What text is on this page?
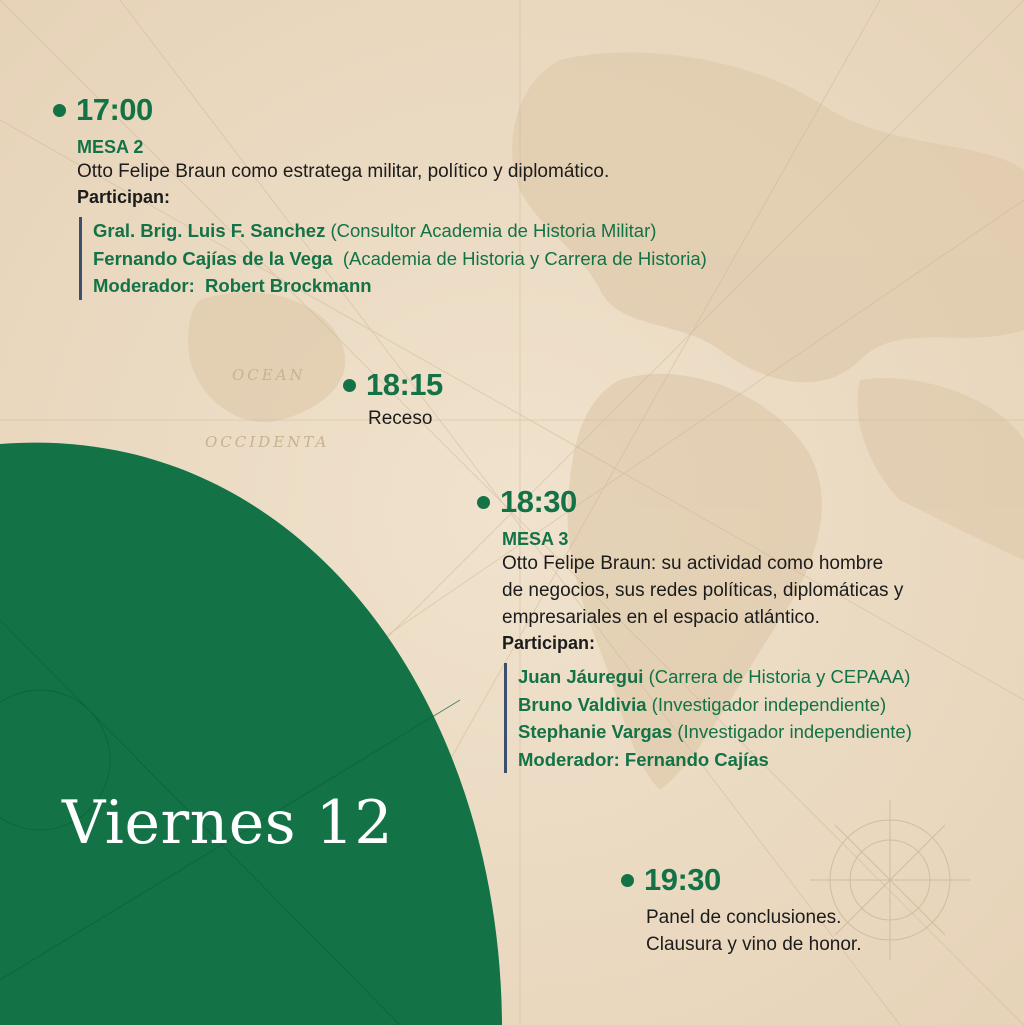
OCEAN
OCCIDENTA
17:00
MESA 2
Otto Felipe Braun como estratega militar, político y diplomático.
Participan:
Gral. Brig. Luis F. Sanchez (Consultor Academia de Historia Militar)
Fernando Cajías de la Vega  (Academia de Historia y Carrera de Historia)
Moderador:  Robert Brockmann
18:15
Receso
18:30
MESA 3
Otto Felipe Braun: su actividad como hombre
de negocios, sus redes políticas, diplomáticas y
empresariales en el espacio atlántico.
Participan:
Juan Jáuregui (Carrera de Historia y CEPAAA)
Bruno Valdivia (Investigador independiente)
Stephanie Vargas (Investigador independiente)
Moderador: Fernando Cajías
19:30
Panel de conclusiones.
Clausura y vino de honor.
Viernes 12
